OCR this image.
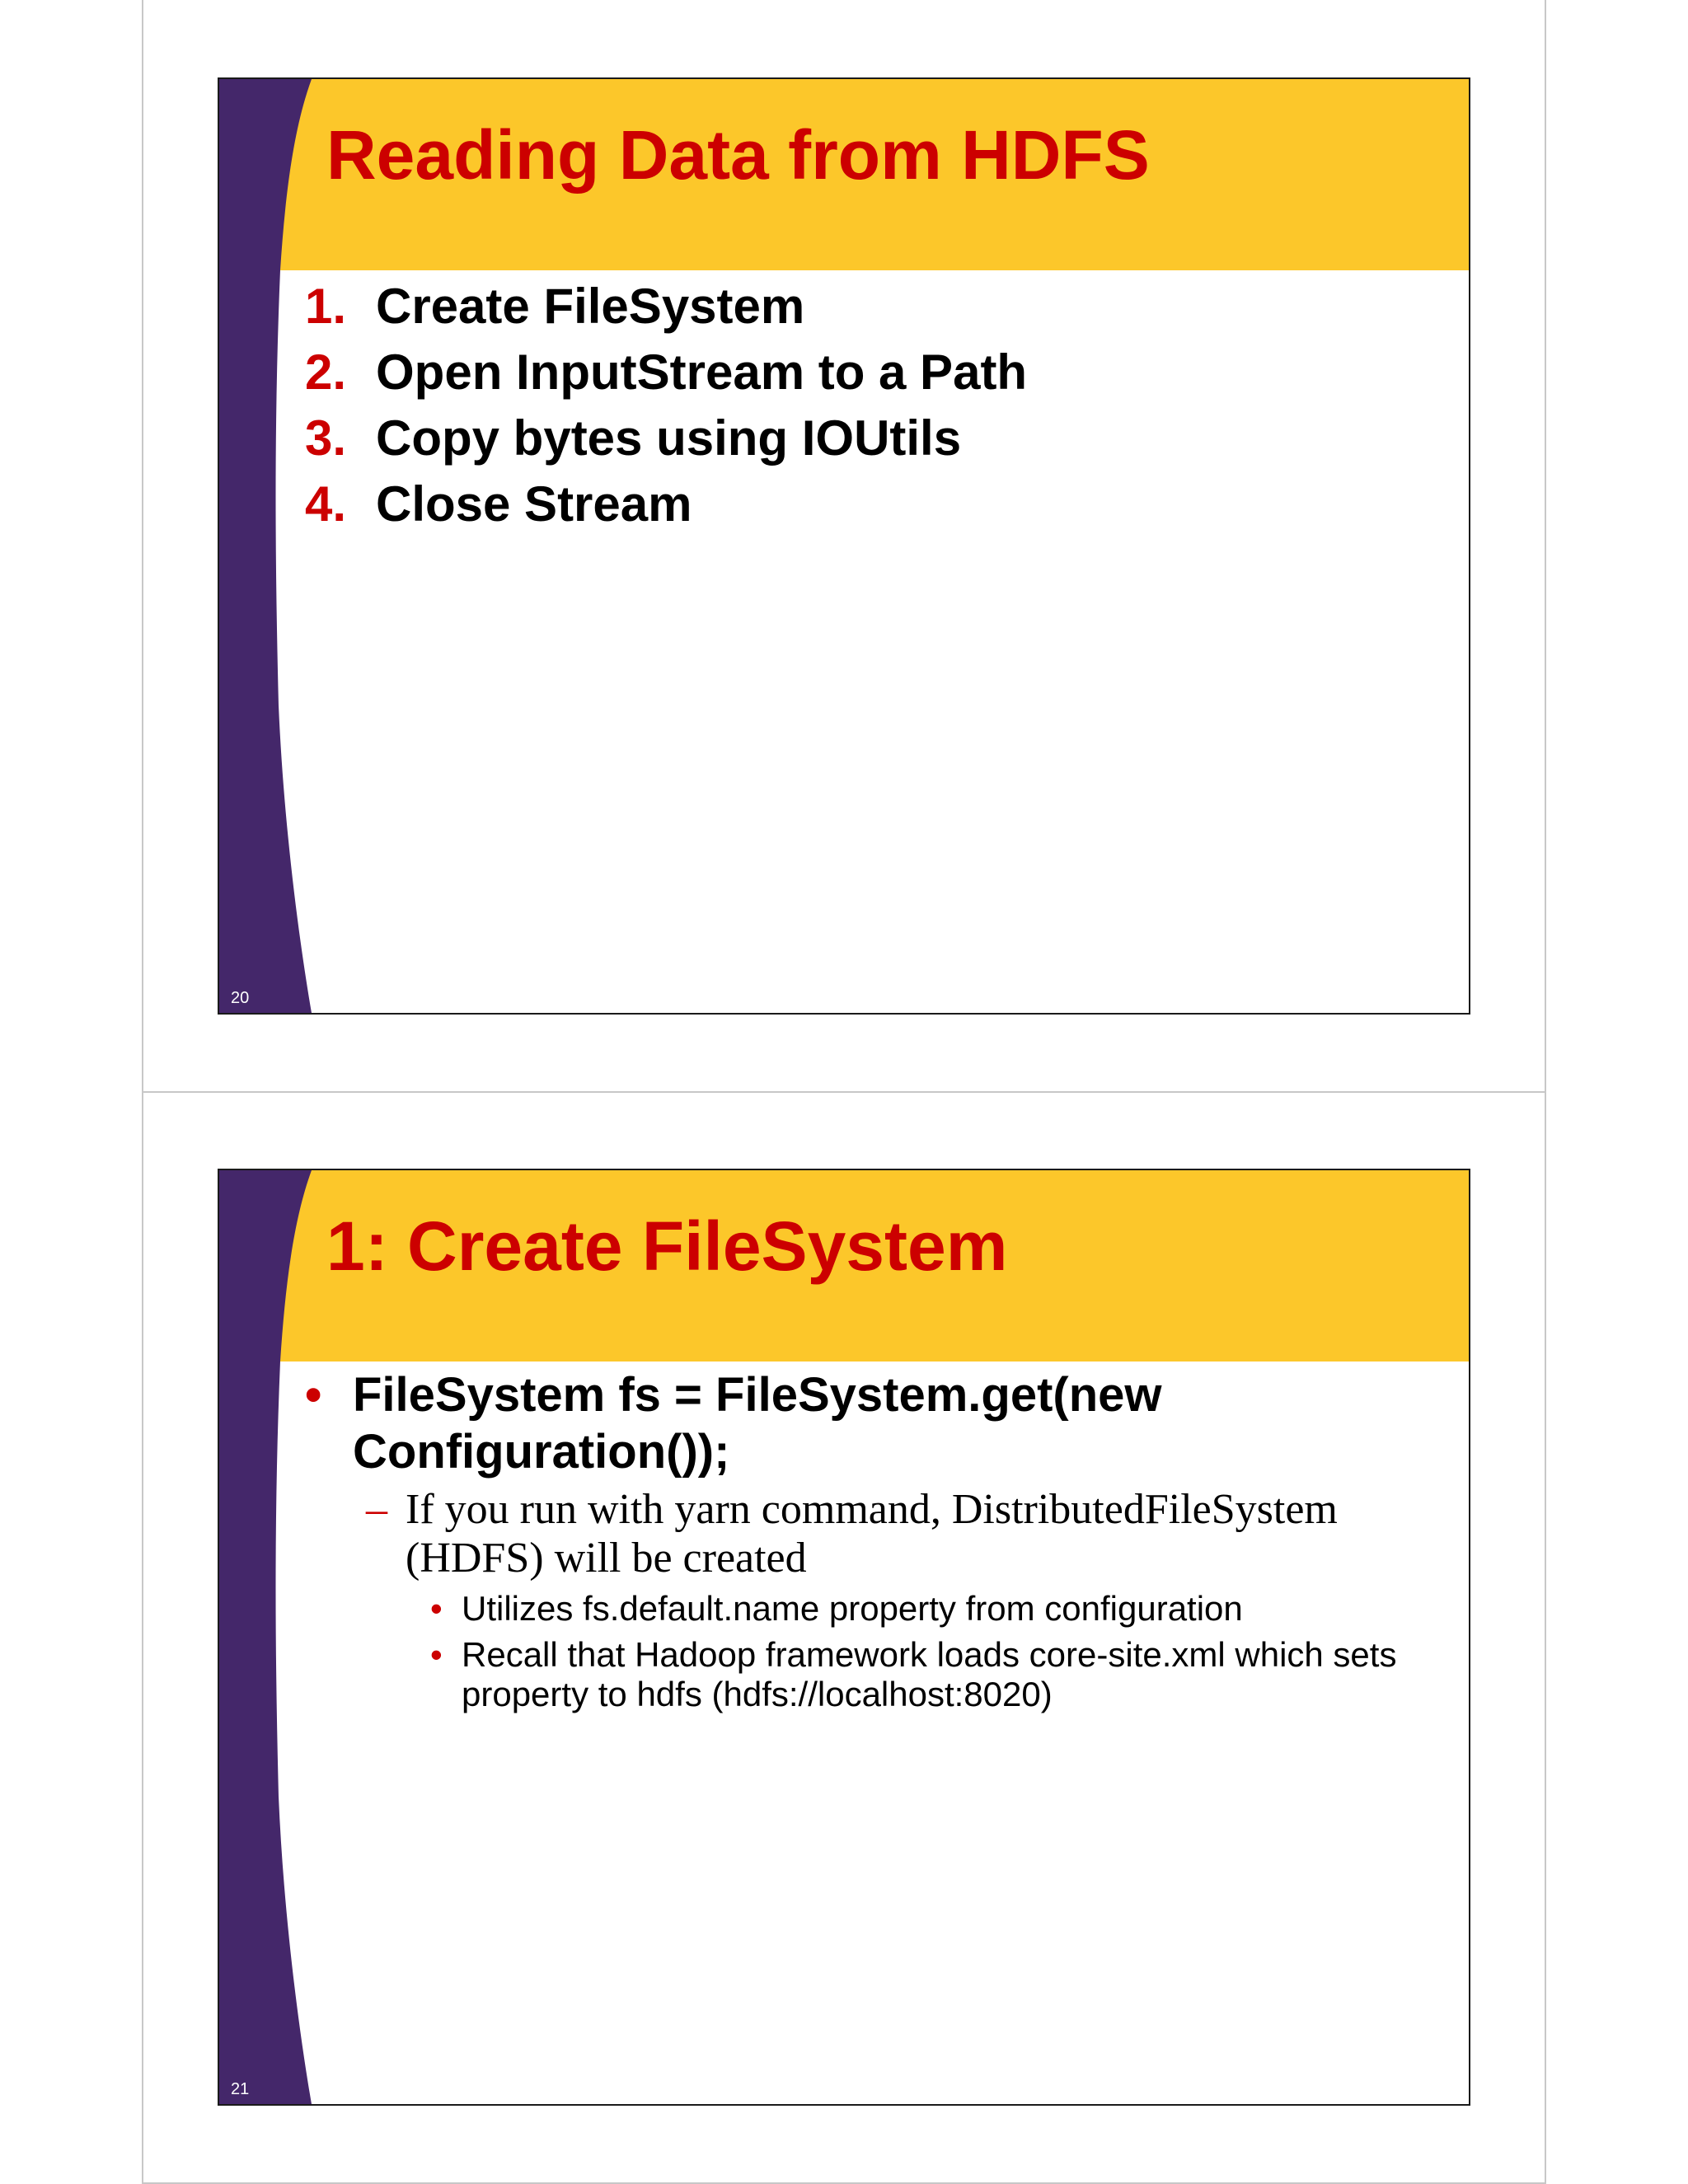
Reading Data from HDFS
1. Create FileSystem
2. Open InputStream to a Path
3. Copy bytes using IOUtils
4. Close Stream
20
1: Create FileSystem
• FileSystem fs = FileSystem.get(new
Configuration());
– If you run with yarn command, DistributedFileSystem (HDFS) will be created
• Utilizes fs.default.name property from configuration
• Recall that Hadoop framework loads core-site.xml which sets property to hdfs (hdfs://localhost:8020)
21
